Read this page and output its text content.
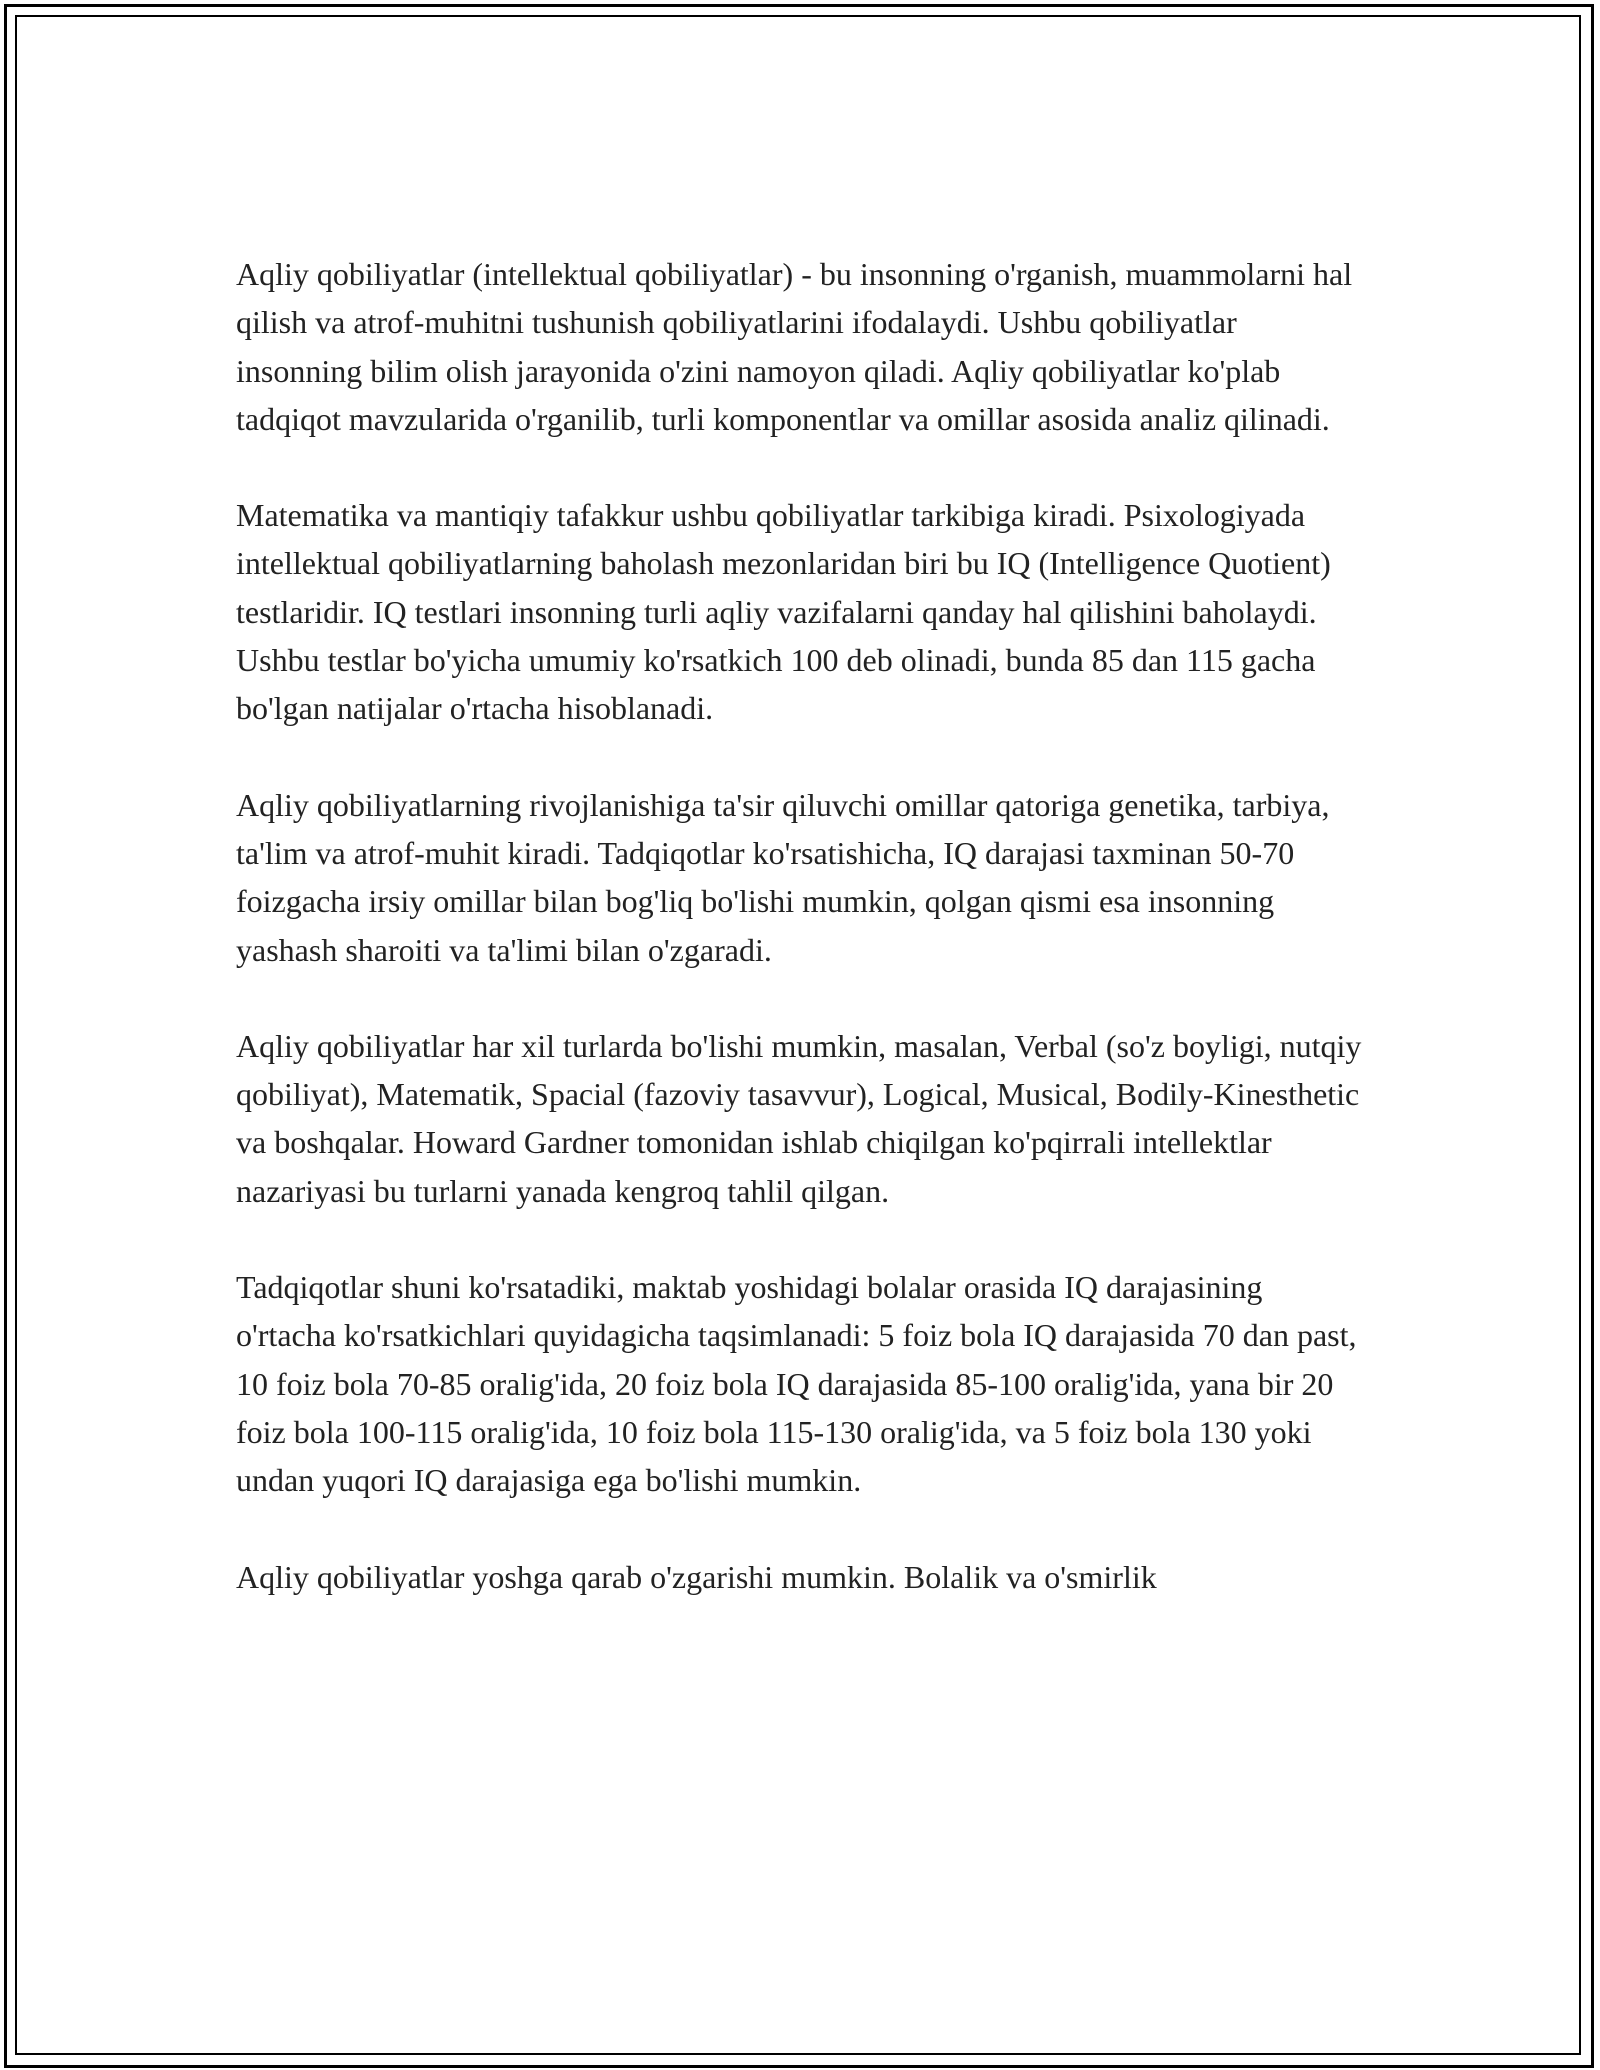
Aqliy qobiliyatlar (intellektual qobiliyatlar) - bu insonning o'rganish, muammolarni hal qilish va atrof-muhitni tushunish qobiliyatlarini ifodalaydi. Ushbu qobiliyatlar insonning bilim olish jarayonida o'zini namoyon qiladi. Aqliy qobiliyatlar ko'plab tadqiqot mavzularida o'rganilib, turli komponentlar va omillar asosida analiz qilinadi.

Matematika va mantiqiy tafakkur ushbu qobiliyatlar tarkibiga kiradi. Psixologiyada intellektual qobiliyatlarning baholash mezonlaridan biri bu IQ (Intelligence Quotient) testlaridir. IQ testlari insonning turli aqliy vazifalarni qanday hal qilishini baholaydi. Ushbu testlar bo'yicha umumiy ko'rsatkich 100 deb olinadi, bunda 85 dan 115 gacha bo'lgan natijalar o'rtacha hisoblanadi.

Aqliy qobiliyatlarning rivojlanishiga ta'sir qiluvchi omillar qatoriga genetika, tarbiya, ta'lim va atrof-muhit kiradi. Tadqiqotlar ko'rsatishicha, IQ darajasi taxminan 50-70 foizgacha irsiy omillar bilan bog'liq bo'lishi mumkin, qolgan qismi esa insonning yashash sharoiti va ta'limi bilan o'zgaradi.

Aqliy qobiliyatlar har xil turlarda bo'lishi mumkin, masalan, Verbal (so'z boyligi, nutqiy qobiliyat), Matematik, Spacial (fazoviy tasavvur), Logical, Musical, Bodily-Kinesthetic va boshqalar. Howard Gardner tomonidan ishlab chiqilgan ko'pqirrali intellektlar nazariyasi bu turlarni yanada kengroq tahlil qilgan.

Tadqiqotlar shuni ko'rsatadiki, maktab yoshidagi bolalar orasida IQ darajasining o'rtacha ko'rsatkichlari quyidagicha taqsimlanadi: 5 foiz bola IQ darajasida 70 dan past, 10 foiz bola 70-85 oralig'ida, 20 foiz bola IQ darajasida 85-100 oralig'ida, yana bir 20 foiz bola 100-115 oralig'ida, 10 foiz bola 115-130 oralig'ida, va 5 foiz bola 130 yoki undan yuqori IQ darajasiga ega bo'lishi mumkin.

Aqliy qobiliyatlar yoshga qarab o'zgarishi mumkin. Bolalik va o'smirlik
